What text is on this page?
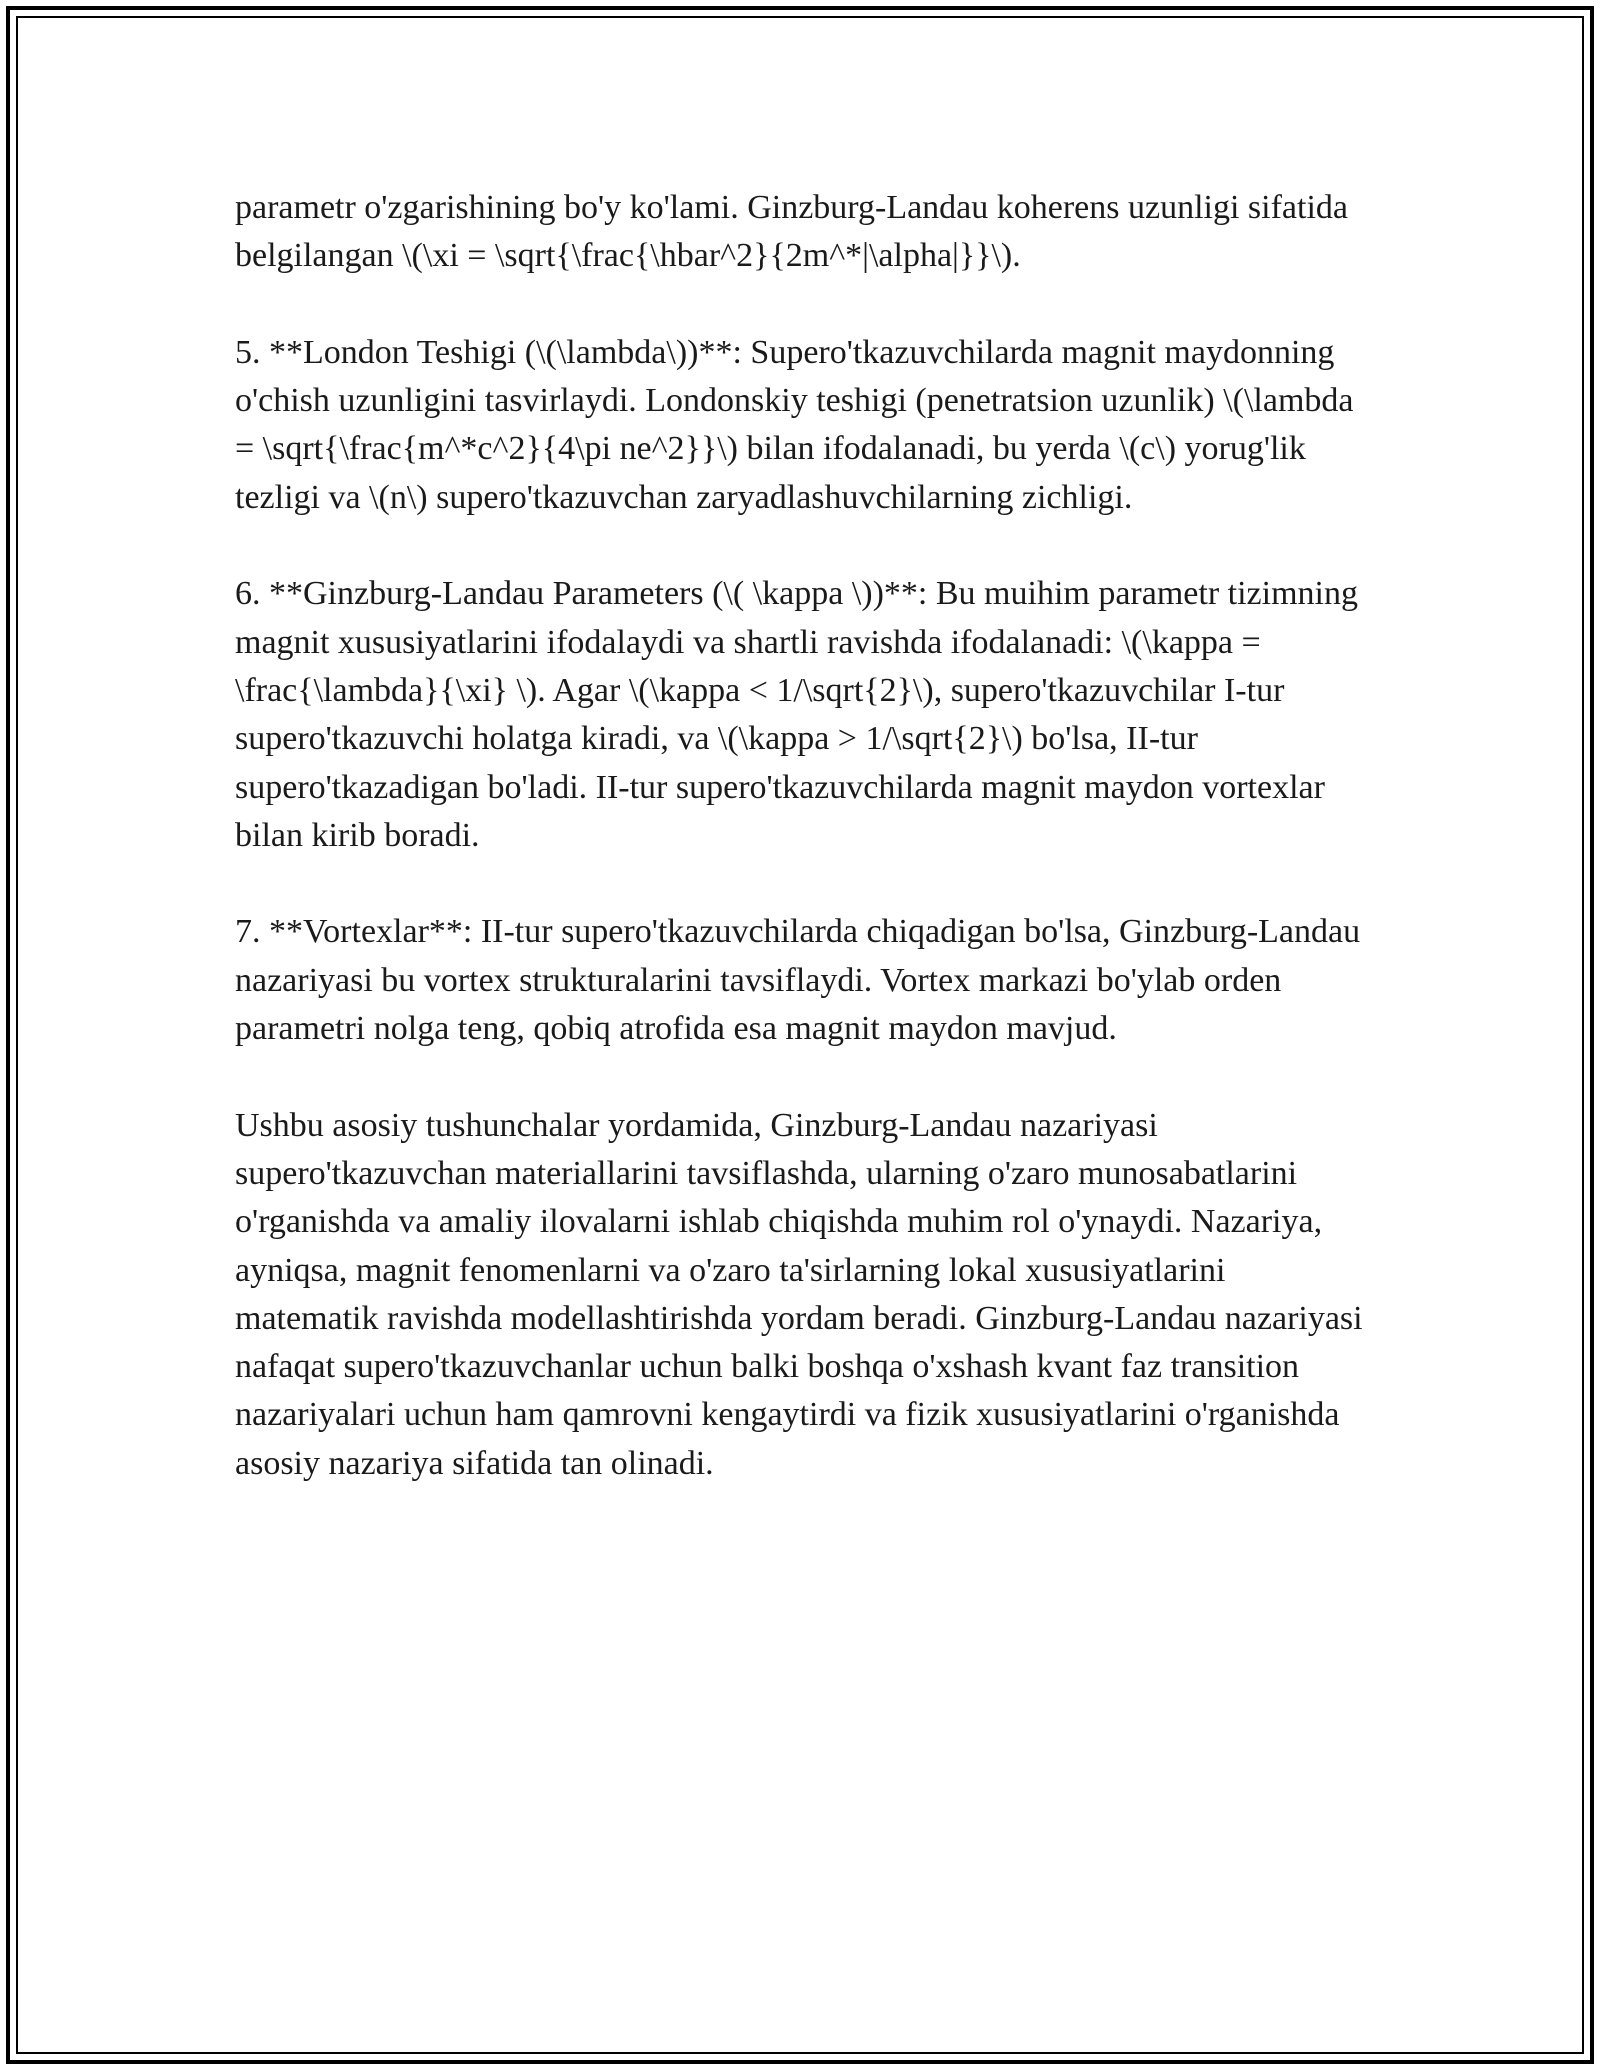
parametr o'zgarishining bo'y ko'lami. Ginzburg-Landau koherens uzunligi sifatida belgilangan \(\xi = \sqrt{\frac{\hbar^2}{2m^*|\alpha|}}\).

5. **London Teshigi (\(\lambda\))**: Supero'tkazuvchilarda magnit maydonning o'chish uzunligini tasvirlaydi. Londonskiy teshigi (penetratsion uzunlik) \(\lambda = \sqrt{\frac{m^*c^2}{4\pi ne^2}}\) bilan ifodalanadi, bu yerda \(c\) yorug'lik tezligi va \(n\) supero'tkazuvchan zaryadlashuvchilarning zichligi.

6. **Ginzburg-Landau Parameters (\( \kappa \))**: Bu muihim parametr tizimning magnit xususiyatlarini ifodalaydi va shartli ravishda ifodalanadi: \(\kappa = \frac{\lambda}{\xi} \). Agar \(\kappa < 1/\sqrt{2}\), supero'tkazuvchilar I-tur supero'tkazuvchi holatga kiradi, va \(\kappa > 1/\sqrt{2}\) bo'lsa, II-tur supero'tkazadigan bo'ladi. II-tur supero'tkazuvchilarda magnit maydon vortexlar bilan kirib boradi.

7. **Vortexlar**: II-tur supero'tkazuvchilarda chiqadigan bo'lsa, Ginzburg-Landau nazariyasi bu vortex strukturalarini tavsiflaydi. Vortex markazi bo'ylab orden parametri nolga teng, qobiq atrofida esa magnit maydon mavjud.

Ushbu asosiy tushunchalar yordamida, Ginzburg-Landau nazariyasi supero'tkazuvchan materiallarini tavsiflashda, ularning o'zaro munosabatlarini o'rganishda va amaliy ilovalarni ishlab chiqishda muhim rol o'ynaydi. Nazariya, ayniqsa, magnit fenomenlarni va o'zaro ta'sirlarning lokal xususiyatlarini matematik ravishda modellashtirishda yordam beradi. Ginzburg-Landau nazariyasi nafaqat supero'tkazuvchanlar uchun balki boshqa o'xshash kvant faz transition nazariyalari uchun ham qamrovni kengaytirdi va fizik xususiyatlarini o'rganishda asosiy nazariya sifatida tan olinadi.
